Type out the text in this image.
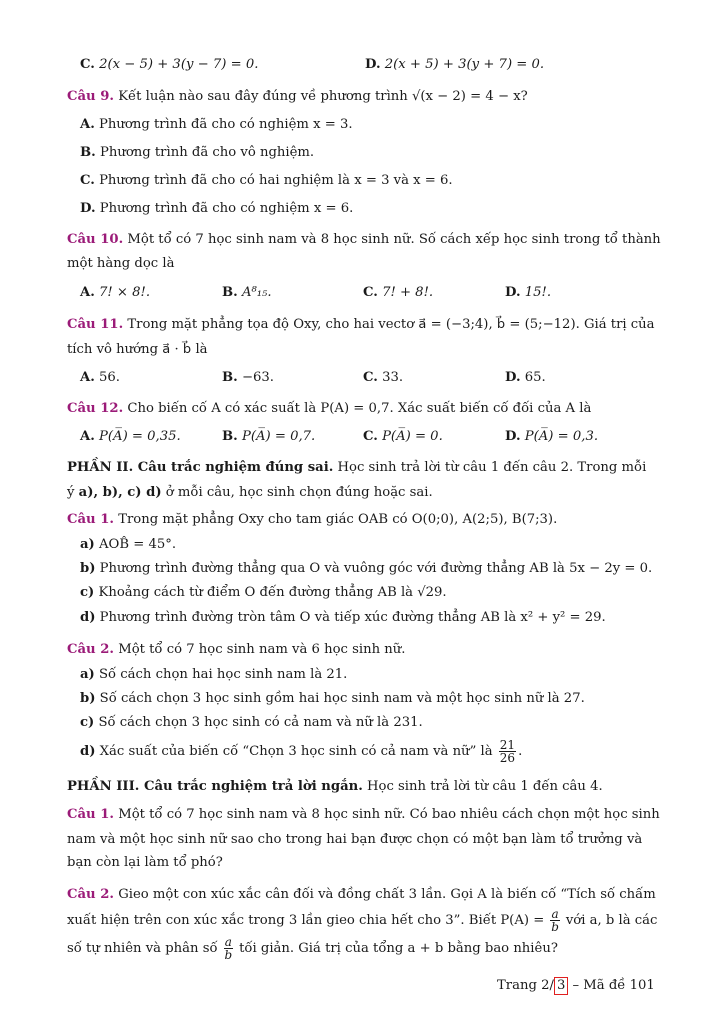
C. 2(x − 5) + 3(y − 7) = 0.	D. 2(x + 5) + 3(y + 7) = 0.
Câu 9. Kết luận nào sau đây đúng về phương trình √(x − 2) = 4 − x?
A. Phương trình đã cho có nghiệm x = 3.
B. Phương trình đã cho vô nghiệm.
C. Phương trình đã cho có hai nghiệm là x = 3 và x = 6.
D. Phương trình đã cho có nghiệm x = 6.
Câu 10. Một tổ có 7 học sinh nam và 8 học sinh nữ. Số cách xếp học sinh trong tổ thành
một hàng dọc là
A. 7! × 8!.	B. A⁸₁₅.	C. 7! + 8!.	D. 15!.
Câu 11. Trong mặt phẳng tọa độ Oxy, cho hai vectơ a⃗ = (−3;4), b⃗ = (5;−12). Giá trị của
tích vô hướng a⃗ · b⃗ là
A. 56.	B. −63.	C. 33.	D. 65.
Câu 12. Cho biến cố A có xác suất là P(A) = 0,7. Xác suất biến cố đối của A là
A. P(A̅) = 0,35.	B. P(A̅) = 0,7.	C. P(A̅) = 0.	D. P(A̅) = 0,3.
PHẦN II. Câu trắc nghiệm đúng sai. Học sinh trả lời từ câu 1 đến câu 2. Trong mỗi
ý a), b), c) d) ở mỗi câu, học sinh chọn đúng hoặc sai.
Câu 1. Trong mặt phẳng Oxy cho tam giác OAB có O(0;0), A(2;5), B(7;3).
a) AOB̂ = 45°.
b) Phương trình đường thẳng qua O và vuông góc với đường thẳng AB là 5x − 2y = 0.
c) Khoảng cách từ điểm O đến đường thẳng AB là √29.
d) Phương trình đường tròn tâm O và tiếp xúc đường thẳng AB là x² + y² = 29.
Câu 2. Một tổ có 7 học sinh nam và 6 học sinh nữ.
a) Số cách chọn hai học sinh nam là 21.
b) Số cách chọn 3 học sinh gồm hai học sinh nam và một học sinh nữ là 27.
c) Số cách chọn 3 học sinh có cả nam và nữ là 231.
d) Xác suất của biến cố “Chọn 3 học sinh có cả nam và nữ” là $\frac{21}{26}$ .
PHẦN III. Câu trắc nghiệm trả lời ngắn. Học sinh trả lời từ câu 1 đến câu 4.
Câu 1. Một tổ có 7 học sinh nam và 8 học sinh nữ. Có bao nhiêu cách chọn một học sinh
nam và một học sinh nữ sao cho trong hai bạn được chọn có một bạn làm tổ trưởng và
bạn còn lại làm tổ phó?
Câu 2. Gieo một con xúc xắc cân đối và đồng chất 3 lần. Gọi A là biến cố “Tích số chấm
xuất hiện trên con xúc xắc trong 3 lần gieo chia hết cho 3”. Biết $P(A) = \frac{a}{b}$ với a, b là các
số tự nhiên và phân số $\frac{a}{b}$ tối giản. Giá trị của tổng a + b bằng bao nhiêu?
Trang 2/ 3 – Mã đề 101
